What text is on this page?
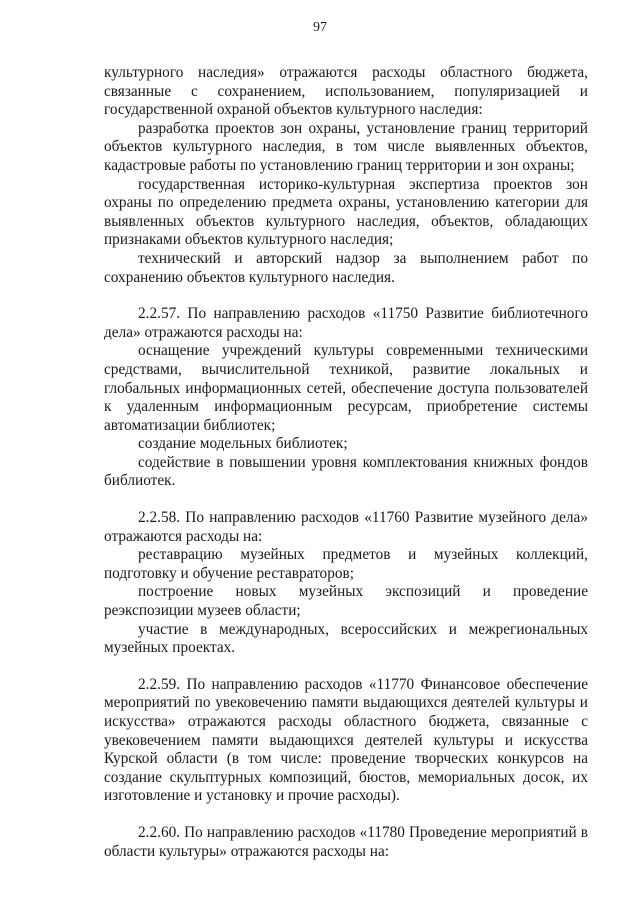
97
культурного наследия» отражаются расходы областного бюджета, связанные с сохранением, использованием, популяризацией и государственной охраной объектов культурного наследия:
разработка проектов зон охраны, установление границ территорий объектов культурного наследия, в том числе выявленных объектов, кадастровые работы по установлению границ территории и зон охраны;
государственная историко-культурная экспертиза проектов зон охраны по определению предмета охраны, установлению категории для выявленных объектов культурного наследия, объектов, обладающих признаками объектов культурного наследия;
технический и авторский надзор за выполнением работ по сохранению объектов культурного наследия.
2.2.57. По направлению расходов «11750 Развитие библиотечного дела» отражаются расходы на:
оснащение учреждений культуры современными техническими средствами, вычислительной техникой, развитие локальных и глобальных информационных сетей, обеспечение доступа пользователей к удаленным информационным ресурсам, приобретение системы автоматизации библиотек;
создание модельных библиотек;
содействие в повышении уровня комплектования книжных фондов библиотек.
2.2.58. По направлению расходов «11760 Развитие музейного дела» отражаются расходы на:
реставрацию музейных предметов и музейных коллекций, подготовку и обучение реставраторов;
построение новых музейных экспозиций и проведение реэкспозиции музеев области;
участие в международных, всероссийских и межрегиональных музейных проектах.
2.2.59. По направлению расходов «11770 Финансовое обеспечение мероприятий по увековечению памяти выдающихся деятелей культуры и искусства» отражаются расходы областного бюджета, связанные с увековечением памяти выдающихся деятелей культуры и искусства Курской области (в том числе: проведение творческих конкурсов на создание скульптурных композиций, бюстов, мемориальных досок, их изготовление и установку и прочие расходы).
2.2.60. По направлению расходов «11780 Проведение мероприятий в области культуры» отражаются расходы на:
